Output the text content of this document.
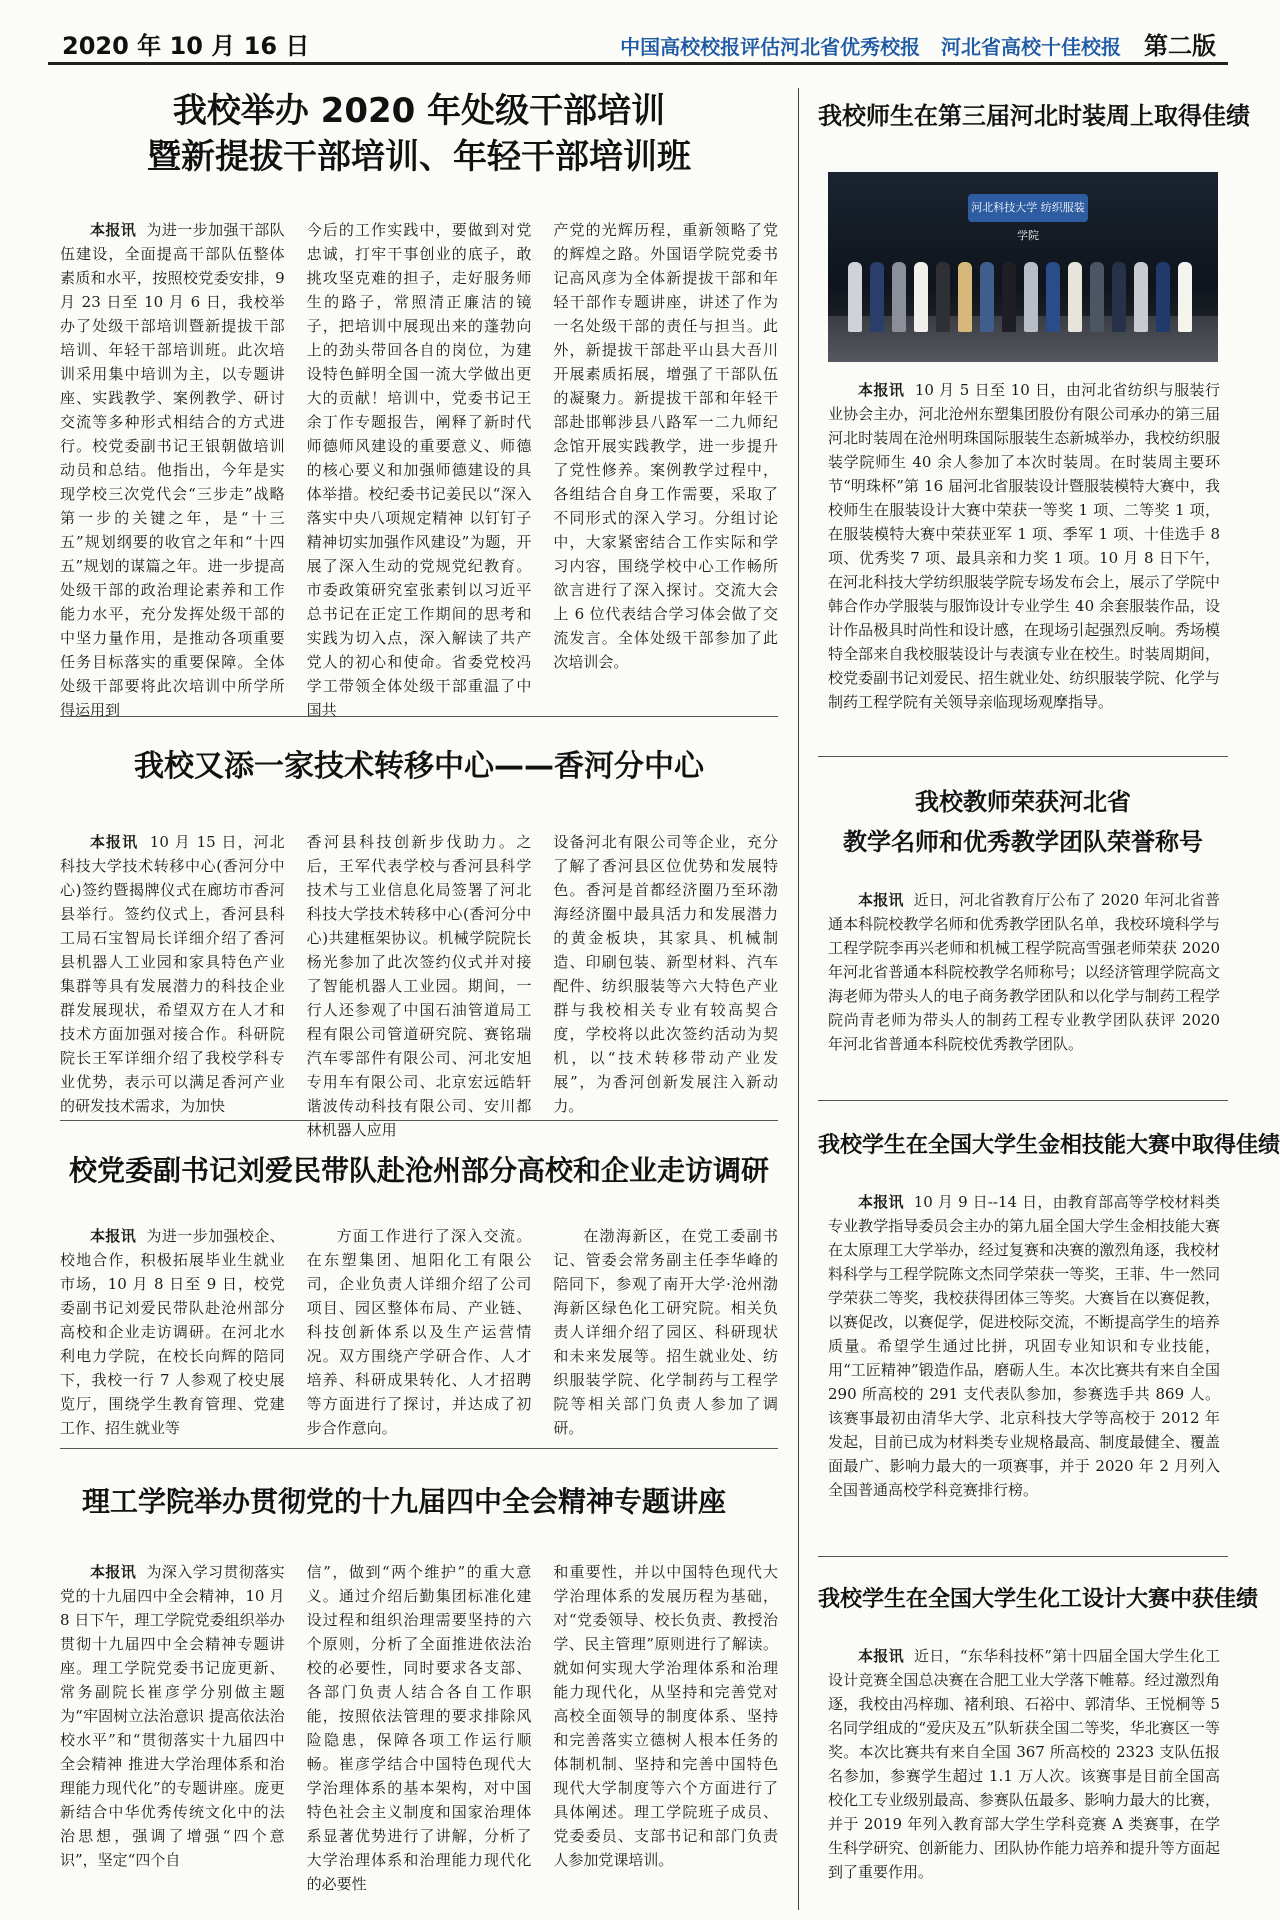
2020 年 10 月 16 日	中国高校校报评估河北省优秀校报 河北省高校十佳校报 第二版
我校举办 2020 年处级干部培训
暨新提拔干部培训、年轻干部培训班

本报讯 为进一步加强干部队伍建设，全面提高干部队伍整体素质和水平，按照校党委安排，9 月 23 日至 10 月 6 日，我校举办了处级干部培训暨新提拔干部培训、年轻干部培训班。此次培训采用集中培训为主，以专题讲座、实践教学、案例教学、研讨交流等多种形式相结合的方式进行。校党委副书记王银朝做培训动员和总结。他指出，今年是实现学校三次党代会“三步走”战略第一步的关键之年，是“十三五”规划纲要的收官之年和“十四五”规划的谋篇之年。进一步提高处级干部的政治理论素养和工作能力水平，充分发挥处级干部的中坚力量作用，是推动各项重要任务目标落实的重要保障。全体处级干部要将此次培训中所学所得运用到

今后的工作实践中，要做到对党忠诚，打牢干事创业的底子，敢挑攻坚克难的担子，走好服务师生的路子，常照清正廉洁的镜子，把培训中展现出来的蓬勃向上的劲头带回各自的岗位，为建设特色鲜明全国一流大学做出更大的贡献！培训中，党委书记王余丁作专题报告，阐释了新时代师德师风建设的重要意义、师德的核心要义和加强师德建设的具体举措。校纪委书记姜民以“深入落实中央八项规定精神 以钉钉子精神切实加强作风建设”为题，开展了深入生动的党规党纪教育。市委政策研究室张素钊以习近平总书记在正定工作期间的思考和实践为切入点，深入解读了共产党人的初心和使命。省委党校冯学工带领全体处级干部重温了中国共

产党的光辉历程，重新领略了党的辉煌之路。外国语学院党委书记高风彦为全体新提拔干部和年轻干部作专题讲座，讲述了作为一名处级干部的责任与担当。此外，新提拔干部赴平山县大吾川开展素质拓展，增强了干部队伍的凝聚力。新提拔干部和年轻干部赴邯郸涉县八路军一二九师纪念馆开展实践教学，进一步提升了党性修养。案例教学过程中，各组结合自身工作需要，采取了不同形式的深入学习。分组讨论中，大家紧密结合工作实际和学习内容，围绕学校中心工作畅所欲言进行了深入探讨。交流大会上 6 位代表结合学习体会做了交流发言。全体处级干部参加了此次培训会。

我校又添一家技术转移中心——香河分中心

本报讯 10 月 15 日，河北科技大学技术转移中心(香河分中心)签约暨揭牌仪式在廊坊市香河县举行。签约仪式上，香河县科工局石宝智局长详细介绍了香河县机器人工业园和家具特色产业集群等具有发展潜力的科技企业群发展现状，希望双方在人才和技术方面加强对接合作。科研院院长王军详细介绍了我校学科专业优势，表示可以满足香河产业的研发技术需求，为加快

香河县科技创新步伐助力。之后，王军代表学校与香河县科学技术与工业信息化局签署了河北科技大学技术转移中心(香河分中心)共建框架协议。机械学院院长杨光参加了此次签约仪式并对接了智能机器人工业园。期间，一行人还参观了中国石油管道局工程有限公司管道研究院、赛铭瑞汽车零部件有限公司、河北安旭专用车有限公司、北京宏远皓轩谐波传动科技有限公司、安川都林机器人应用

设备河北有限公司等企业，充分了解了香河县区位优势和发展特色。香河是首都经济圈乃至环渤海经济圈中最具活力和发展潜力的黄金板块，其家具、机械制造、印刷包装、新型材料、汽车配件、纺织服装等六大特色产业群与我校相关专业有较高契合度，学校将以此次签约活动为契机，以“技术转移带动产业发展”，为香河创新发展注入新动力。

校党委副书记刘爱民带队赴沧州部分高校和企业走访调研

本报讯 为进一步加强校企、校地合作，积极拓展毕业生就业市场，10 月 8 日至 9 日，校党委副书记刘爱民带队赴沧州部分高校和企业走访调研。在河北水利电力学院，在校长向辉的陪同下，我校一行 7 人参观了校史展览厅，围绕学生教育管理、党建工作、招生就业等

方面工作进行了深入交流。在东塑集团、旭阳化工有限公司，企业负责人详细介绍了公司项目、园区整体布局、产业链、科技创新体系以及生产运营情况。双方围绕产学研合作、人才培养、科研成果转化、人才招聘等方面进行了探讨，并达成了初步合作意向。

在渤海新区，在党工委副书记、管委会常务副主任李华峰的陪同下，参观了南开大学·沧州渤海新区绿色化工研究院。相关负责人详细介绍了园区、科研现状和未来发展等。招生就业处、纺织服装学院、化学制药与工程学院等相关部门负责人参加了调研。

理工学院举办贯彻党的十九届四中全会精神专题讲座

本报讯 为深入学习贯彻落实党的十九届四中全会精神，10 月 8 日下午，理工学院党委组织举办贯彻十九届四中全会精神专题讲座。理工学院党委书记庞更新、常务副院长崔彦学分别做主题为“牢固树立法治意识 提高依法治校水平”和“贯彻落实十九届四中全会精神 推进大学治理体系和治理能力现代化”的专题讲座。庞更新结合中华优秀传统文化中的法治思想，强调了增强“四个意识”，坚定“四个自

信”，做到“两个维护”的重大意义。通过介绍后勤集团标准化建设过程和组织治理需要坚持的六个原则，分析了全面推进依法治校的必要性，同时要求各支部、各部门负责人结合各自工作职能，按照依法管理的要求排除风险隐患，保障各项工作运行顺畅。崔彦学结合中国特色现代大学治理体系的基本架构，对中国特色社会主义制度和国家治理体系显著优势进行了讲解，分析了大学治理体系和治理能力现代化的必要性

和重要性，并以中国特色现代大学治理体系的发展历程为基础，对“党委领导、校长负责、教授治学、民主管理”原则进行了解读。就如何实现大学治理体系和治理能力现代化，从坚持和完善党对高校全面领导的制度体系、坚持和完善落实立德树人根本任务的体制机制、坚持和完善中国特色现代大学制度等六个方面进行了具体阐述。理工学院班子成员、党委委员、支部书记和部门负责人参加党课培训。

我校师生在第三届河北时装周上取得佳绩
河北科技大学 纺织服装学院

本报讯 10 月 5 日至 10 日，由河北省纺织与服装行业协会主办，河北沧州东塑集团股份有限公司承办的第三届河北时装周在沧州明珠国际服装生态新城举办，我校纺织服装学院师生 40 余人参加了本次时装周。在时装周主要环节“明珠杯”第 16 届河北省服装设计暨服装模特大赛中，我校师生在服装设计大赛中荣获一等奖 1 项、二等奖 1 项，在服装模特大赛中荣获亚军 1 项、季军 1 项、十佳选手 8 项、优秀奖 7 项、最具亲和力奖 1 项。10 月 8 日下午，在河北科技大学纺织服装学院专场发布会上，展示了学院中韩合作办学服装与服饰设计专业学生 40 余套服装作品，设计作品极具时尚性和设计感，在现场引起强烈反响。秀场模特全部来自我校服装设计与表演专业在校生。时装周期间，校党委副书记刘爱民、招生就业处、纺织服装学院、化学与制药工程学院有关领导亲临现场观摩指导。

我校教师荣获河北省
教学名师和优秀教学团队荣誉称号

本报讯 近日，河北省教育厅公布了 2020 年河北省普通本科院校教学名师和优秀教学团队名单，我校环境科学与工程学院李再兴老师和机械工程学院高雪强老师荣获 2020 年河北省普通本科院校教学名师称号；以经济管理学院高文海老师为带头人的电子商务教学团队和以化学与制药工程学院尚青老师为带头人的制药工程专业教学团队获评 2020 年河北省普通本科院校优秀教学团队。

我校学生在全国大学生金相技能大赛中取得佳绩

本报讯 10 月 9 日--14 日，由教育部高等学校材料类专业教学指导委员会主办的第九届全国大学生金相技能大赛在太原理工大学举办，经过复赛和决赛的激烈角逐，我校材料科学与工程学院陈文杰同学荣获一等奖，王菲、牛一然同学荣获二等奖，我校获得团体三等奖。大赛旨在以赛促教，以赛促改，以赛促学，促进校际交流，不断提高学生的培养质量。希望学生通过比拼，巩固专业知识和专业技能，用“工匠精神”锻造作品，磨砺人生。本次比赛共有来自全国 290 所高校的 291 支代表队参加，参赛选手共 869 人。该赛事最初由清华大学、北京科技大学等高校于 2012 年发起，目前已成为材料类专业规格最高、制度最健全、覆盖面最广、影响力最大的一项赛事，并于 2020 年 2 月列入全国普通高校学科竞赛排行榜。

我校学生在全国大学生化工设计大赛中获佳绩

本报讯 近日，“东华科技杯”第十四届全国大学生化工设计竞赛全国总决赛在合肥工业大学落下帷幕。经过激烈角逐，我校由冯梓珈、褚利琅、石裕中、郭清华、王悦桐等 5 名同学组成的“爱庆及五”队斩获全国二等奖，华北赛区一等奖。本次比赛共有来自全国 367 所高校的 2323 支队伍报名参加，参赛学生超过 1.1 万人次。该赛事是目前全国高校化工专业级别最高、参赛队伍最多、影响力最大的比赛，并于 2019 年列入教育部大学生学科竞赛 A 类赛事，在学生科学研究、创新能力、团队协作能力培养和提升等方面起到了重要作用。
